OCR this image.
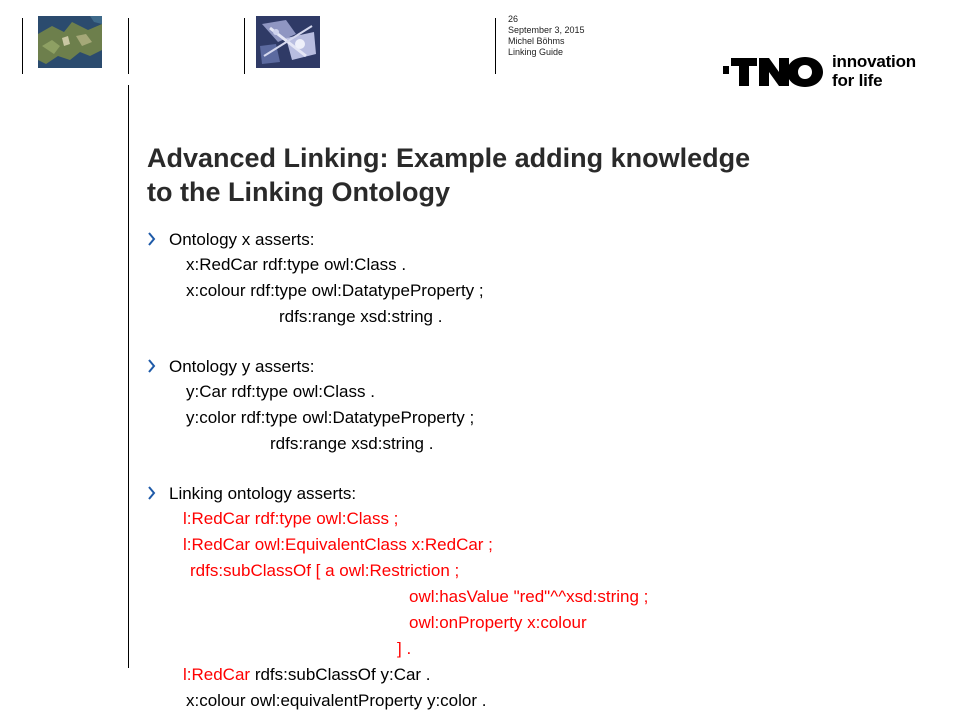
26
September 3, 2015
Michel Böhms
Linking Guide	innovation
for life
Advanced Linking: Example adding knowledge
to the Linking Ontology
Ontology x asserts:
x:RedCar rdf:type owl:Class .
x:colour rdf:type owl:DatatypeProperty ;
rdfs:range xsd:string .
Ontology y asserts:
y:Car rdf:type owl:Class .
y:color rdf:type owl:DatatypeProperty ;
rdfs:range xsd:string .
Linking ontology asserts:
l:RedCar rdf:type owl:Class ;
l:RedCar owl:EquivalentClass x:RedCar ;
rdfs:subClassOf [ a owl:Restriction ;
owl:hasValue "red"^^xsd:string ;
owl:onProperty x:colour
] .
l:RedCar rdfs:subClassOf y:Car .
x:colour owl:equivalentProperty y:color .
